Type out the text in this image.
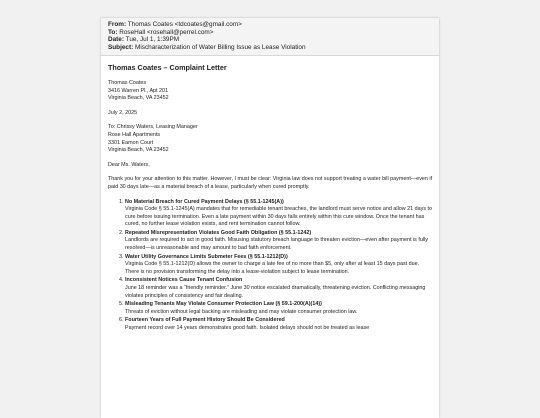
From: Thomas Coates <tdcoates@gmail.com>
To: RoseHall <rosehall@perrel.com>
Date: Tue, Jul 1, 1:39PM
Subject: Mischaracterization of Water Billing Issue as Lease Violation
Thomas Coates – Complaint Letter
Thomas Coates
3416 Warren Pl., Apt 201
Virginia Beach, VA 23452
July 2, 2025
To: Chrissy Waters, Leasing Manager
Rose Hall Apartments
3301 Eamon Court
Virginia Beach, VA 23452

Dear Ms. Waters,

Thank you for your attention to this matter. However, I must be clear: Virginia law does not support treating a water bill payment—even if paid 30 days late—as a material breach of a lease, particularly when cured promptly.

1. No Material Breach for Cured Payment Delays (§ 55.1-1245(A))
Virginia Code § 55.1-1245(A) mandates that for remediable tenant breaches, the landlord must serve notice and allow 21 days to cure before issuing termination. Even a late payment within 30 days falls entirely within this cure window. Once the tenant has cured, no further lease violation exists, and rent termination cannot follow.
2. Repeated Misrepresentation Violates Good Faith Obligation (§ 55.1-1242)
Landlords are required to act in good faith. Misusing statutory breach language to threaten eviction—even after payment is fully resolved—is unreasonable and may amount to bad faith enforcement.
3. Water Utility Governance Limits Submeter Fees (§ 55.1-1212(D))
Virginia Code § 55.1-1212(D) allows the owner to charge a late fee of no more than $5, only after at least 15 days past due. There is no provision transforming the delay into a lease-violation subject to lease termination.
4. Inconsistent Notices Cause Tenant Confusion
June 18 reminder was a “friendly reminder.” June 30 notice escalated dramatically, threatening eviction. Conflicting messaging violates principles of consistency and fair dealing.
5. Misleading Tenants May Violate Consumer Protection Law (§ 59.1-200(A)(14))
Threats of eviction without legal backing are misleading and may violate consumer protection law.
6. Fourteen Years of Full Payment History Should Be Considered
Payment record over 14 years demonstrates good faith. Isolated delays should not be treated as lease
